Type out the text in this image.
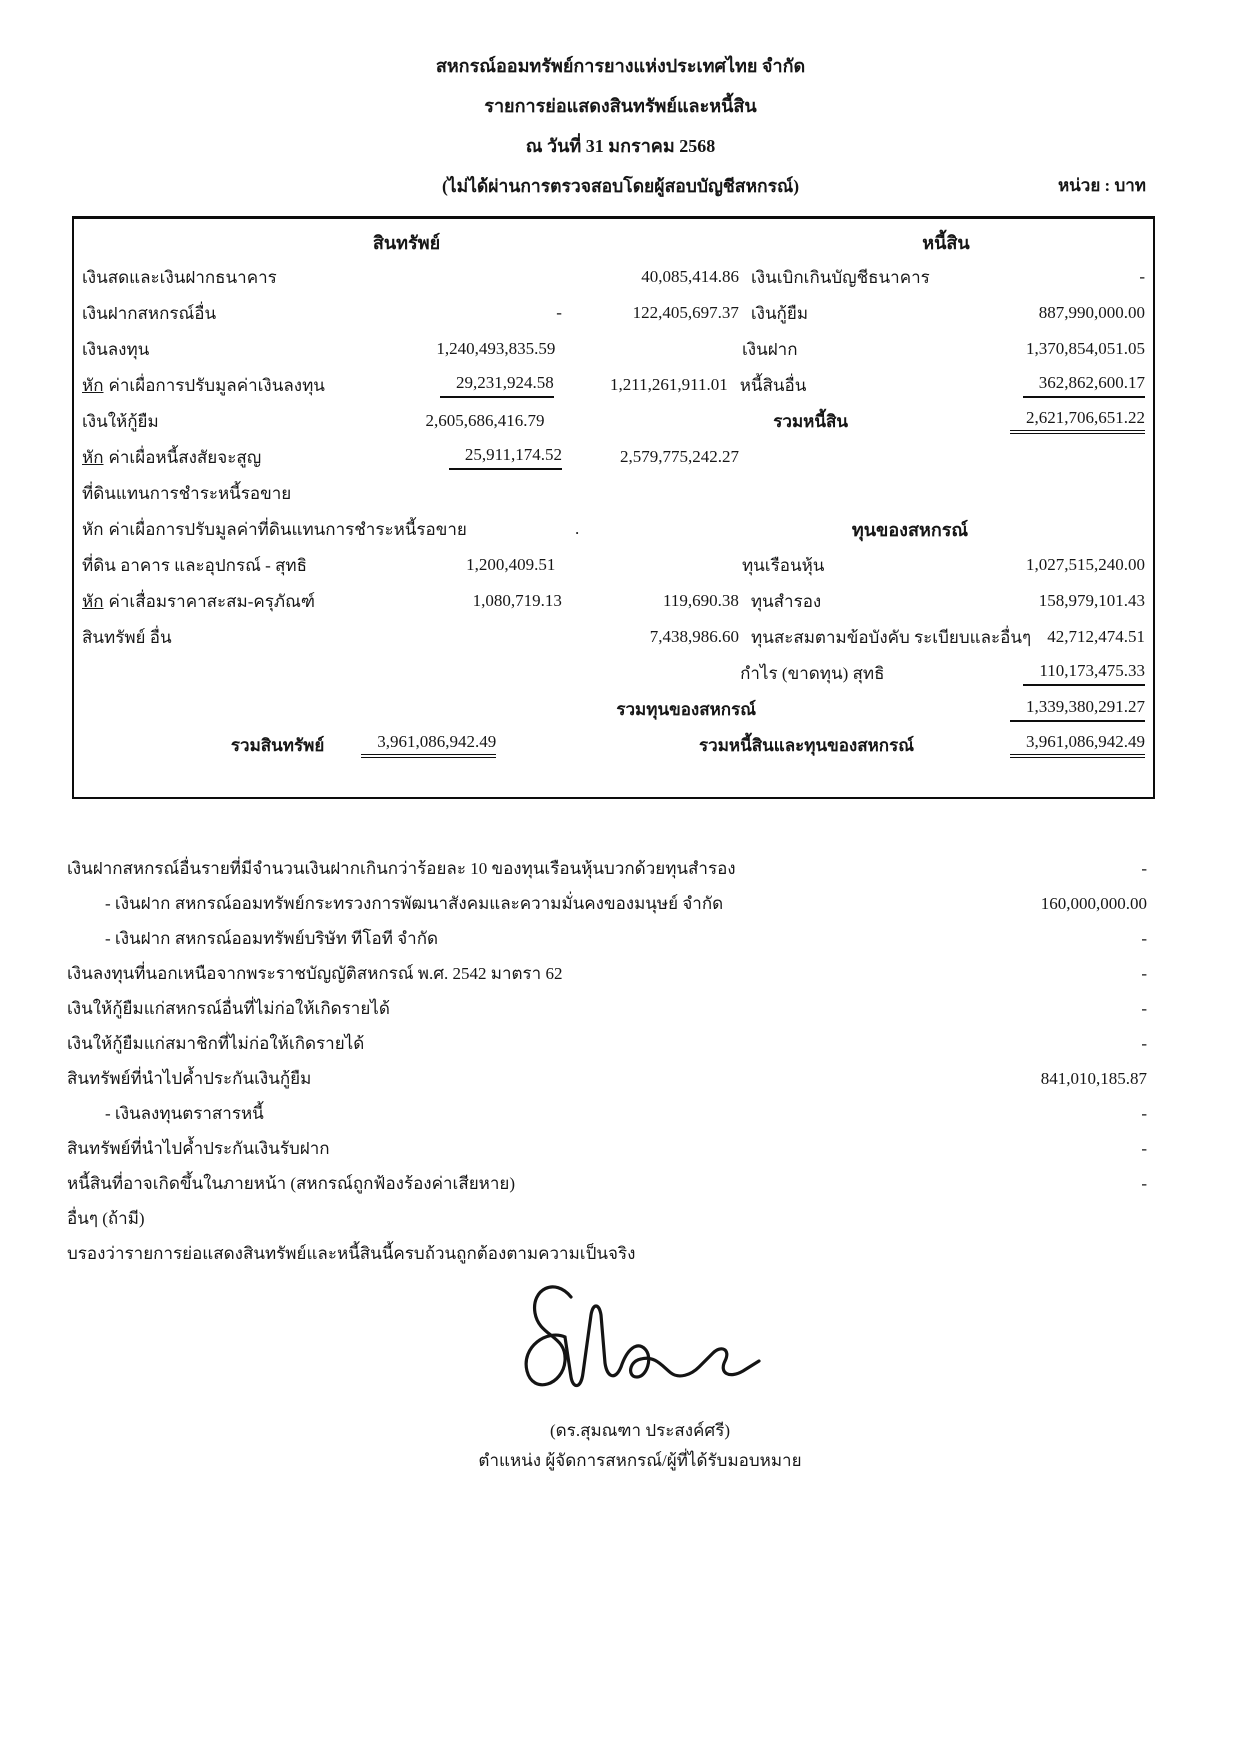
สหกรณ์ออมทรัพย์การยางแห่งประเทศไทย จำกัด
รายการย่อแสดงสินทรัพย์และหนี้สิน
ณ วันที่ 31 มกราคม 2568
(ไม่ได้ผ่านการตรวจสอบโดยผู้สอบบัญชีสหกรณ์)	หน่วย : บาท
สินทรัพย์	หนี้สิน
เงินสดและเงินฝากธนาคาร	40,085,414.86 เงินเบิกเกินบัญชีธนาคาร	-
เงินฝากสหกรณ์อื่น	-	122,405,697.37 เงินกู้ยืม	887,990,000.00
เงินลงทุน	1,240,493,835.59	เงินฝาก	1,370,854,051.05
หัก ค่าเผื่อการปรับมูลค่าเงินลงทุน	29,231,924.58	1,211,261,911.01 หนี้สินอื่น	362,862,600.17
เงินให้กู้ยืม	2,605,686,416.79	รวมหนี้สิน	2,621,706,651.22
หัก ค่าเผื่อหนี้สงสัยจะสูญ	25,911,174.52	2,579,775,242.27
ที่ดินแทนการชำระหนี้รอขาย
หัก ค่าเผื่อการปรับมูลค่าที่ดินแทนการชำระหนี้รอขาย	.	ทุนของสหกรณ์
ที่ดิน อาคาร และอุปกรณ์ - สุทธิ	1,200,409.51	ทุนเรือนหุ้น	1,027,515,240.00
หัก ค่าเสื่อมราคาสะสม-ครุภัณฑ์	1,080,719.13	119,690.38 ทุนสำรอง	158,979,101.43
สินทรัพย์ อื่น	7,438,986.60 ทุนสะสมตามข้อบังคับ ระเบียบและอื่นๆ 42,712,474.51
กำไร (ขาดทุน) สุทธิ	110,173,475.33
รวมทุนของสหกรณ์	1,339,380,291.27
รวมสินทรัพย์	3,961,086,942.49	รวมหนี้สินและทุนของสหกรณ์	3,961,086,942.49
เงินฝากสหกรณ์อื่นรายที่มีจำนวนเงินฝากเกินกว่าร้อยละ 10 ของทุนเรือนหุ้นบวกด้วยทุนสำรอง	-
- เงินฝาก สหกรณ์ออมทรัพย์กระทรวงการพัฒนาสังคมและความมั่นคงของมนุษย์ จำกัด	160,000,000.00
- เงินฝาก สหกรณ์ออมทรัพย์บริษัท ทีโอที จำกัด	-
เงินลงทุนที่นอกเหนือจากพระราชบัญญัติสหกรณ์ พ.ศ. 2542 มาตรา 62	-
เงินให้กู้ยืมแก่สหกรณ์อื่นที่ไม่ก่อให้เกิดรายได้	-
เงินให้กู้ยืมแก่สมาชิกที่ไม่ก่อให้เกิดรายได้	-
สินทรัพย์ที่นำไปค้ำประกันเงินกู้ยืม	841,010,185.87
- เงินลงทุนตราสารหนี้	-
สินทรัพย์ที่นำไปค้ำประกันเงินรับฝาก	-
หนี้สินที่อาจเกิดขึ้นในภายหน้า (สหกรณ์ถูกฟ้องร้องค่าเสียหาย)	-
อื่นๆ (ถ้ามี)
บรองว่ารายการย่อแสดงสินทรัพย์และหนี้สินนี้ครบถ้วนถูกต้องตามความเป็นจริง
(ดร.สุมณฑา ประสงค์ศรี)
ตำแหน่ง ผู้จัดการสหกรณ์/ผู้ที่ได้รับมอบหมาย
